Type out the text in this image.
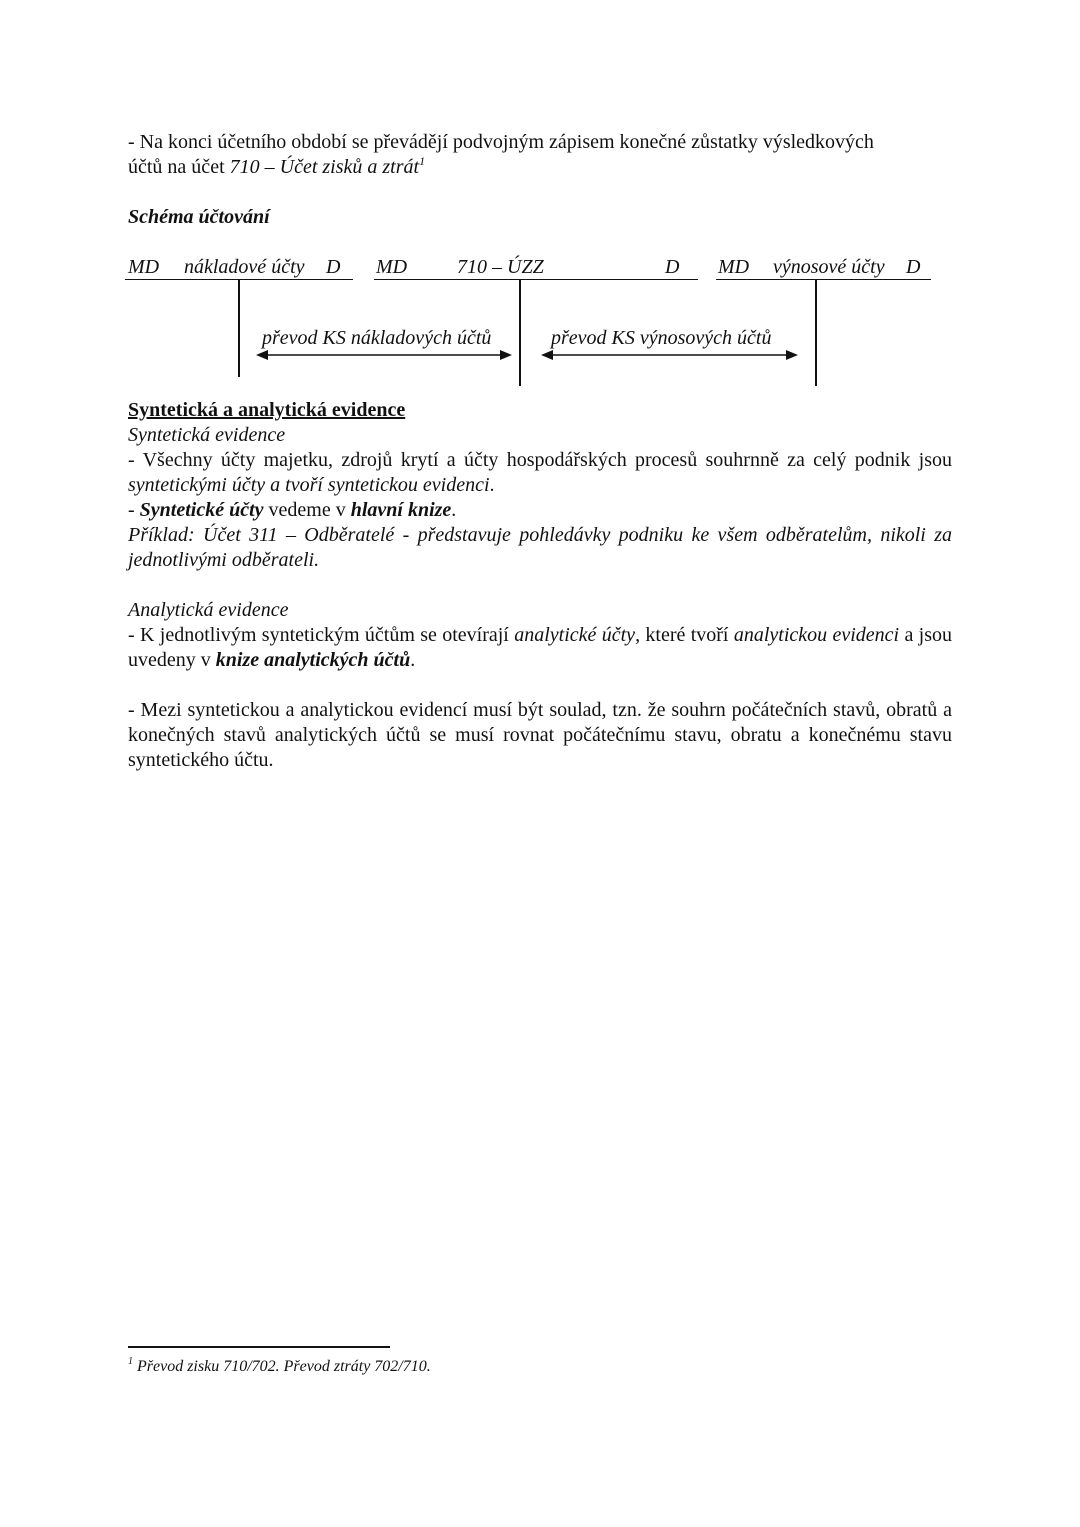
- Na konci účetního období se převádějí podvojným zápisem konečné zůstatky výsledkových

účtů na účet 710 – Účet zisků a ztrát$^1$

Schéma účtování

MD nákladové účty D MD 710 – ÚZZ	D MD výnosové účty D
převod KS nákladových účtů	převod KS výnosových účtů

Syntetická a analytická evidence

Syntetická evidence

- Všechny účty majetku, zdrojů krytí a účty hospodářských procesů souhrnně za celý podnik jsou syntetickými účty a tvoří syntetickou evidenci.

- Syntetické účty vedeme v hlavní knize.

Příklad: Účet 311 – Odběratelé - představuje pohledávky podniku ke všem odběratelům, nikoli za jednotlivými odběrateli.

Analytická evidence

- K jednotlivým syntetickým účtům se otevírají analytické účty, které tvoří analytickou evidenci a jsou uvedeny v knize analytických účtů.

- Mezi syntetickou a analytickou evidencí musí být soulad, tzn. že souhrn počátečních stavů, obratů a konečných stavů analytických účtů se musí rovnat počátečnímu stavu, obratu a konečnému stavu syntetického účtu.

$^1$ Převod zisku 710/702. Převod ztráty 702/710.
